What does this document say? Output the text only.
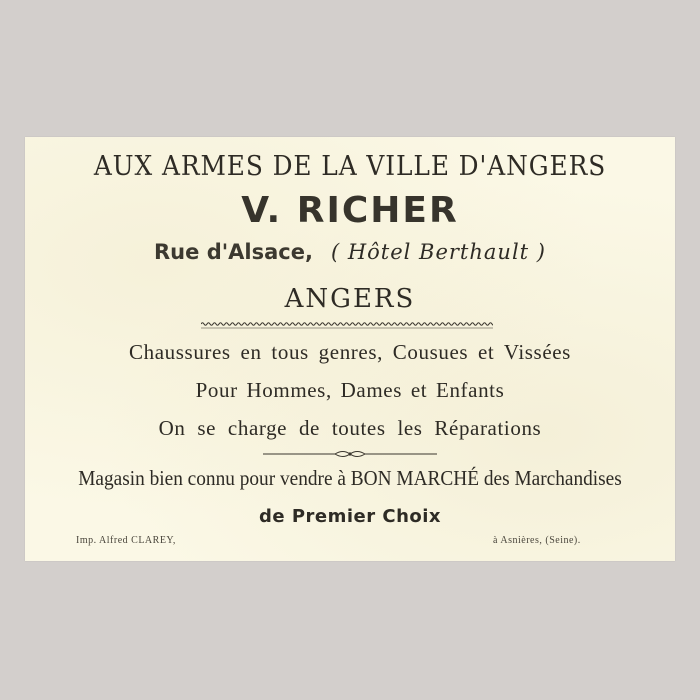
AUX ARMES DE LA VILLE D'ANGERS
V. RICHER
Rue d'Alsace, ( Hôtel Berthault )
ANGERS
Chaussures en tous genres, Cousues et Vissées
Pour Hommes, Dames et Enfants
On se charge de toutes les Réparations
Magasin bien connu pour vendre à BON MARCHÉ des Marchandises
de Premier Choix
Imp. Alfred CLAREY,	à Asnières, (Seine).
